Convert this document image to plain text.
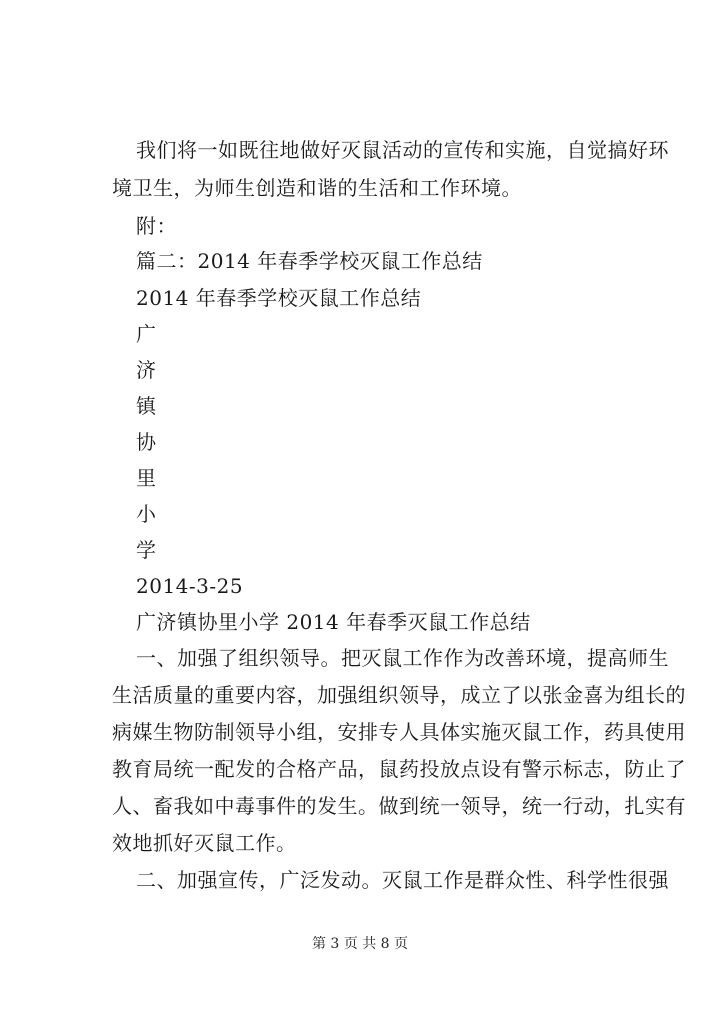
我们将一如既往地做好灭鼠活动的宣传和实施，自觉搞好环
境卫生，为师生创造和谐的生活和工作环境。
附：
篇二：2014 年春季学校灭鼠工作总结
2014 年春季学校灭鼠工作总结
广
济
镇
协
里
小
学
2014-3-25
广济镇协里小学 2014 年春季灭鼠工作总结
一、加强了组织领导。把灭鼠工作作为改善环境，提高师生
生活质量的重要内容，加强组织领导，成立了以张金喜为组长的
病媒生物防制领导小组，安排专人具体实施灭鼠工作，药具使用
教育局统一配发的合格产品，鼠药投放点设有警示标志，防止了
人、畜我如中毒事件的发生。做到统一领导，统一行动，扎实有
效地抓好灭鼠工作。
二、加强宣传，广泛发动。灭鼠工作是群众性、科学性很强
第 3 页 共 8 页
